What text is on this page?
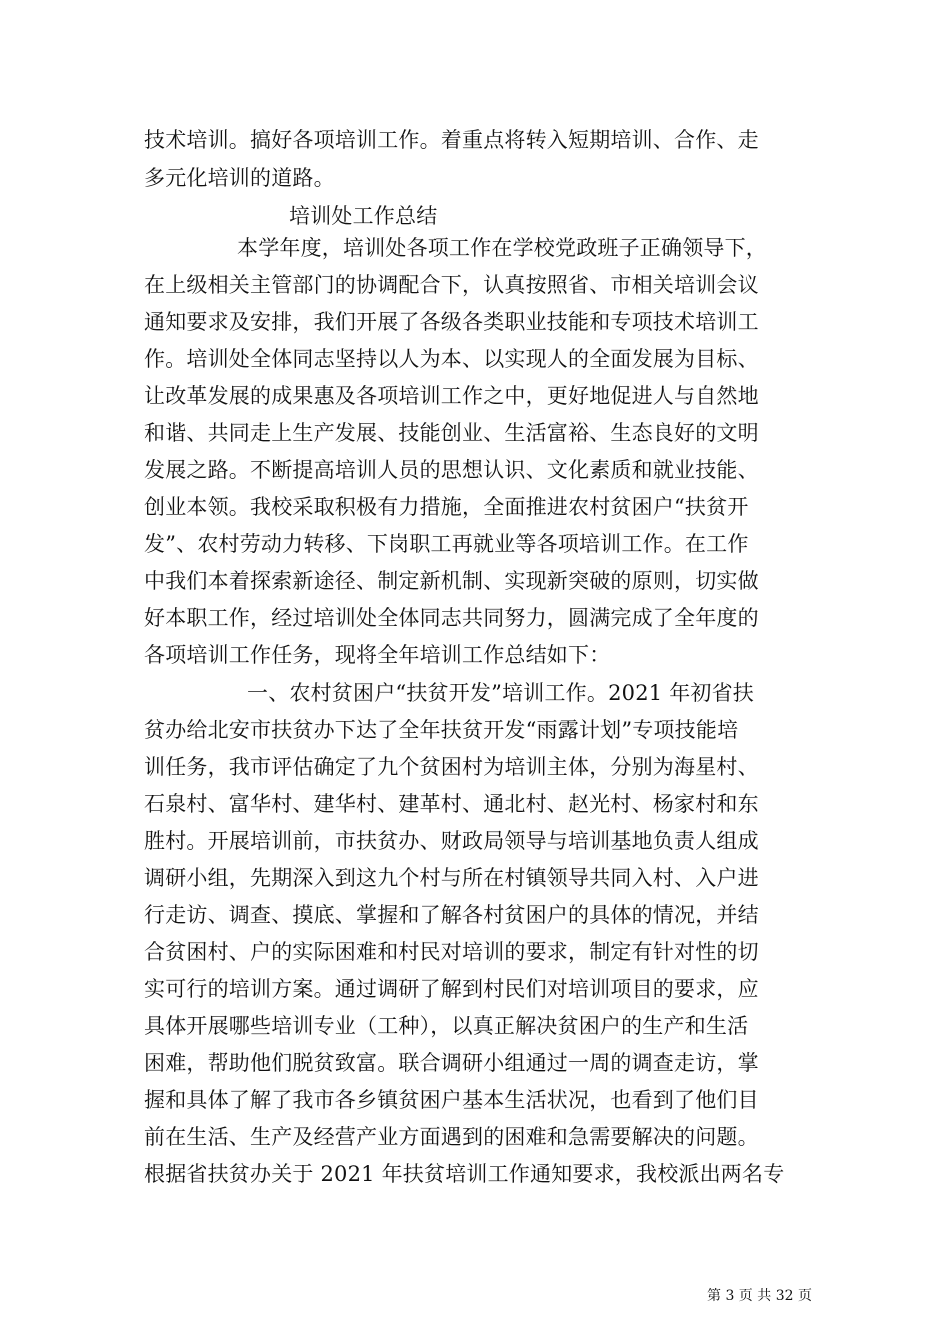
技术培训。搞好各项培训工作。着重点将转入短期培训、合作、走
多元化培训的道路。
培训处工作总结
本学年度，培训处各项工作在学校党政班子正确领导下，
在上级相关主管部门的协调配合下，认真按照省、市相关培训会议
通知要求及安排，我们开展了各级各类职业技能和专项技术培训工
作。培训处全体同志坚持以人为本、以实现人的全面发展为目标、
让改革发展的成果惠及各项培训工作之中，更好地促进人与自然地
和谐、共同走上生产发展、技能创业、生活富裕、生态良好的文明
发展之路。不断提高培训人员的思想认识、文化素质和就业技能、
创业本领。我校采取积极有力措施，全面推进农村贫困户“扶贫开
发”、农村劳动力转移、下岗职工再就业等各项培训工作。在工作
中我们本着探索新途径、制定新机制、实现新突破的原则，切实做
好本职工作，经过培训处全体同志共同努力，圆满完成了全年度的
各项培训工作任务，现将全年培训工作总结如下：
一、农村贫困户“扶贫开发”培训工作。2021 年初省扶
贫办给北安市扶贫办下达了全年扶贫开发“雨露计划”专项技能培
训任务，我市评估确定了九个贫困村为培训主体，分别为海星村、
石泉村、富华村、建华村、建革村、通北村、赵光村、杨家村和东
胜村。开展培训前，市扶贫办、财政局领导与培训基地负责人组成
调研小组，先期深入到这九个村与所在村镇领导共同入村、入户进
行走访、调查、摸底、掌握和了解各村贫困户的具体的情况，并结
合贫困村、户的实际困难和村民对培训的要求，制定有针对性的切
实可行的培训方案。通过调研了解到村民们对培训项目的要求，应
具体开展哪些培训专业（工种），以真正解决贫困户的生产和生活
困难，帮助他们脱贫致富。联合调研小组通过一周的调查走访，掌
握和具体了解了我市各乡镇贫困户基本生活状况，也看到了他们目
前在生活、生产及经营产业方面遇到的困难和急需要解决的问题。
根据省扶贫办关于 2021 年扶贫培训工作通知要求，我校派出两名专
第 3 页 共 32 页
